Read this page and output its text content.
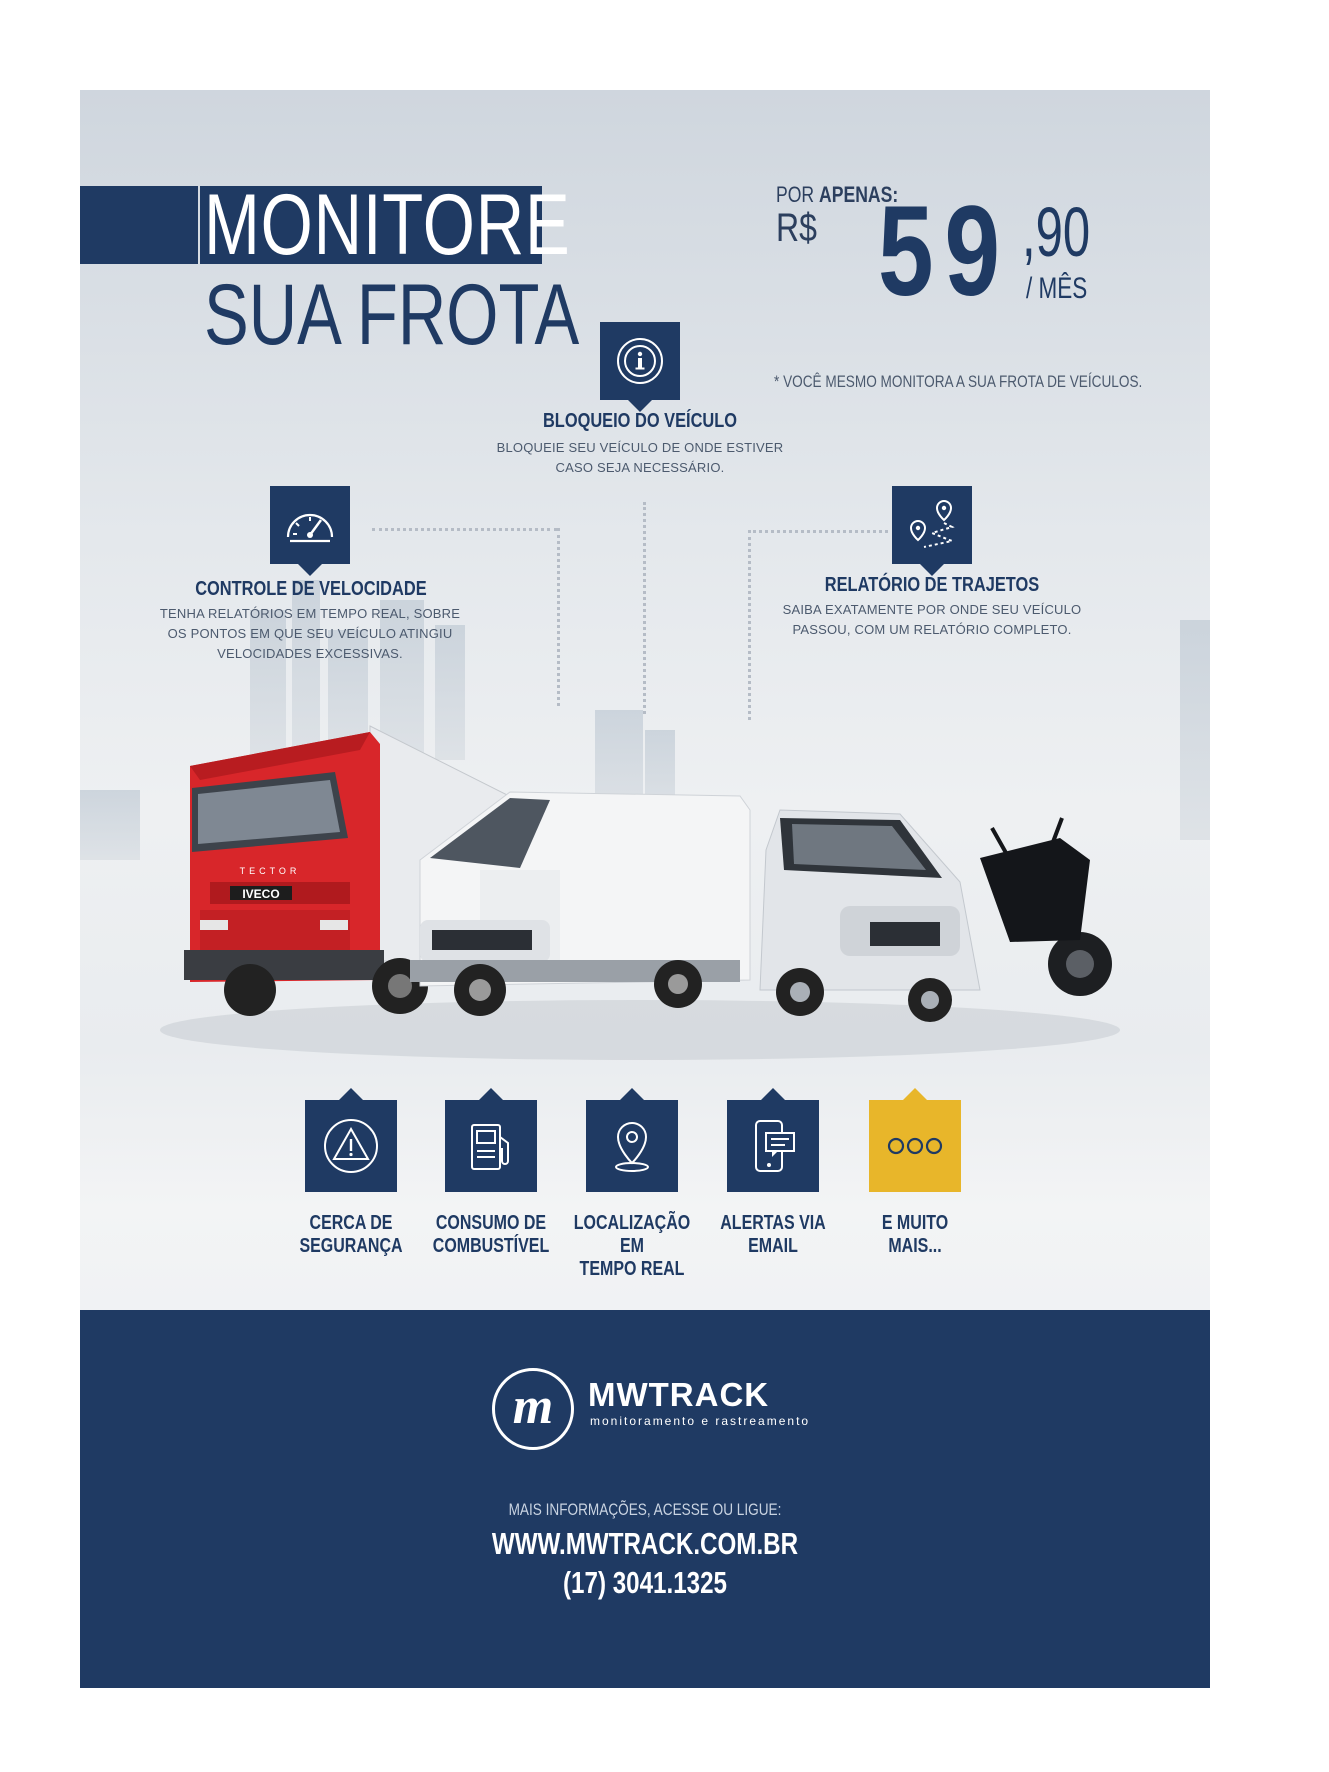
MONITORE
SUA FROTA
POR APENAS:
R$ 59 ,90
/ MÊS
* VOCÊ MESMO MONITORA A SUA FROTA DE VEÍCULOS.
BLOQUEIO DO VEÍCULO
BLOQUEIE SEU VEÍCULO DE ONDE ESTIVER
CASO SEJA NECESSÁRIO.
CONTROLE DE VELOCIDADE
TENHA RELATÓRIOS EM TEMPO REAL, SOBRE
OS PONTOS EM QUE SEU VEÍCULO ATINGIU
VELOCIDADES EXCESSIVAS.
RELATÓRIO DE TRAJETOS
SAIBA EXATAMENTE POR ONDE SEU VEÍCULO
PASSOU, COM UM RELATÓRIO COMPLETO.
IVECO
TECTOR
CERCA DE
SEGURANÇA
CONSUMO DE
COMBUSTÍVEL
LOCALIZAÇÃO EM
TEMPO REAL
ALERTAS VIA
EMAIL
E MUITO MAIS...
m	MWTRACK
monitoramento e rastreamento
MAIS INFORMAÇÕES, ACESSE OU LIGUE:
WWW.MWTRACK.COM.BR
(17) 3041.1325
